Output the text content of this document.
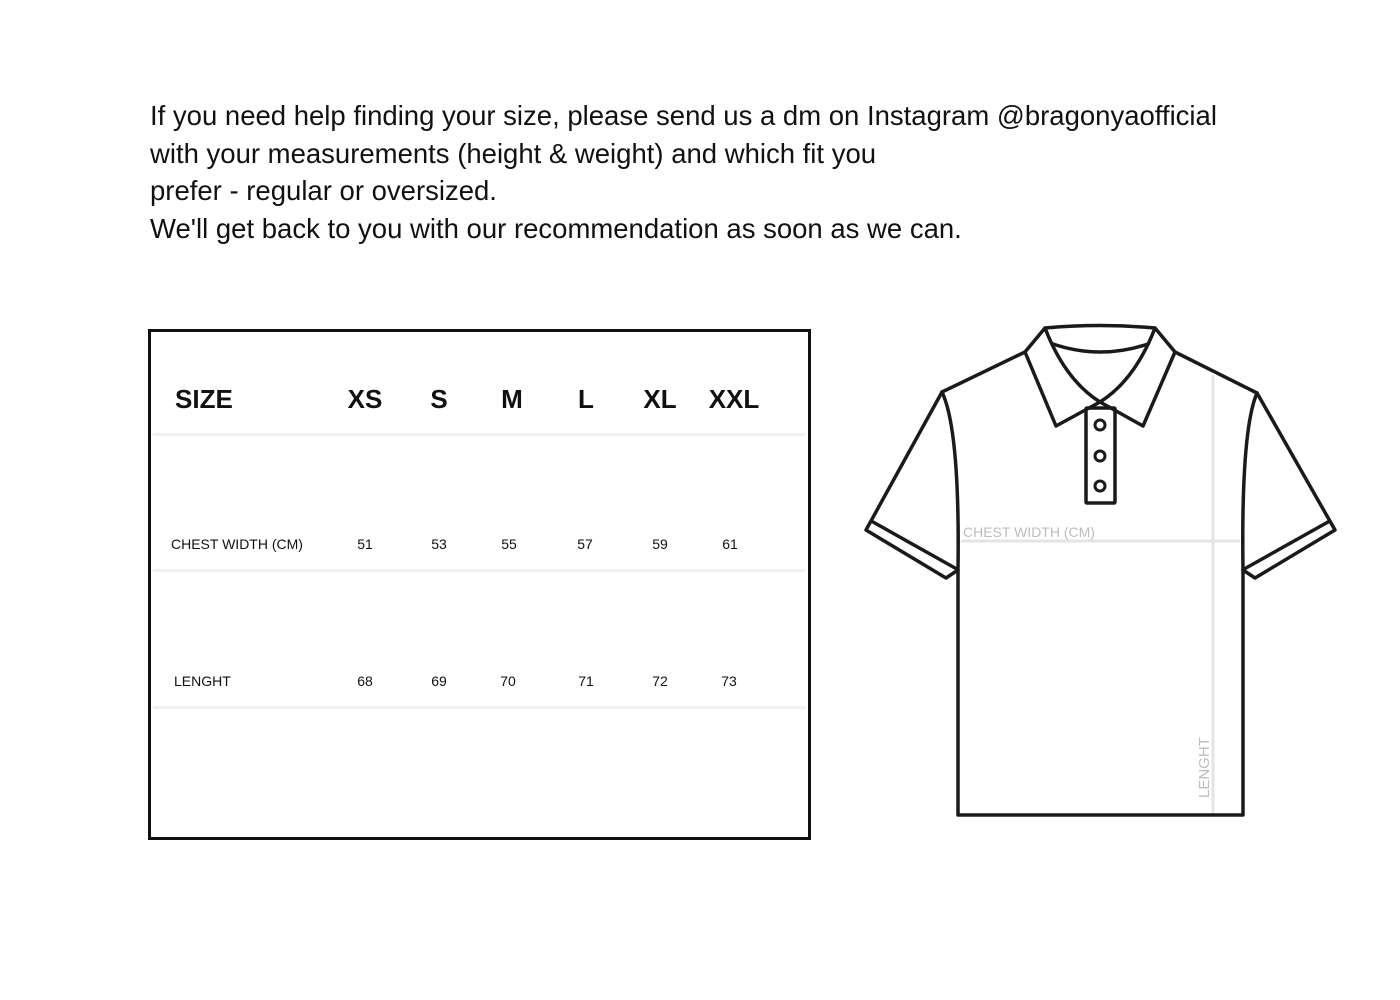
If you need help finding your size, please send us a dm on Instagram @bragonyaofficial
with your measurements (height & weight) and which fit you
prefer - regular or oversized.
We'll get back to you with our recommendation as soon as we can.
SIZE	XS S M L XL XXL
CHEST WIDTH (CM)	51	53	55	57	59	61
LENGHT	68	69	70	71	72	73
CHEST WIDTH (CM)
LENGHT
